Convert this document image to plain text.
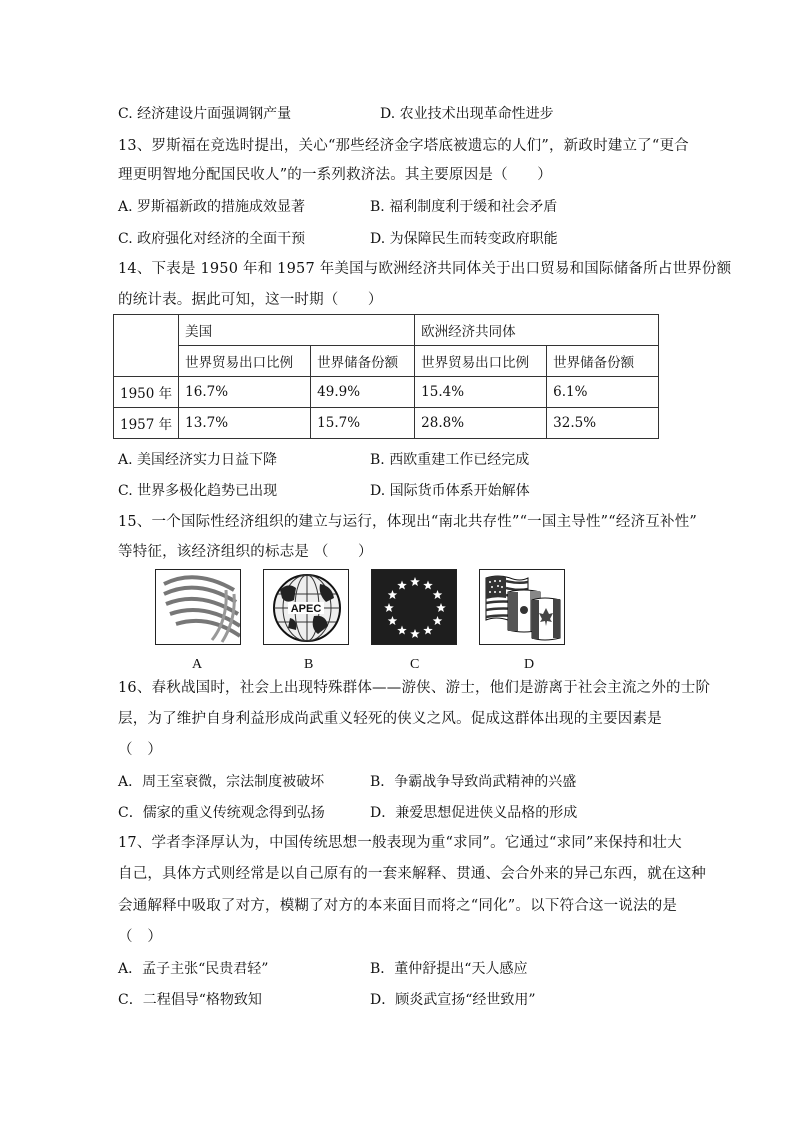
C. 经济建设片面强调钢产量	D. 农业技术出现革命性进步
13、罗斯福在竞选时提出，关心“那些经济金字塔底被遗忘的人们”，新政时建立了“更合
理更明智地分配国民收人”的一系列救济法。其主要原因是（　　）
A. 罗斯福新政的措施成效显著	B. 福利制度利于缓和社会矛盾
C. 政府强化对经济的全面干预	D. 为保障民生而转变政府职能
14、下表是 1950 年和 1957 年美国与欧洲经济共同体关于出口贸易和国际储备所占世界份额
的统计表。据此可知，这一时期（　　）
	美国		欧洲经济共同体	
	世界贸易出口比例	世界储备份额	世界贸易出口比例	世界储备份额
1950 年	16.7%	49.9%	15.4%	6.1%
1957 年	13.7%	15.7%	28.8%	32.5%
A. 美国经济实力日益下降	B. 西欧重建工作已经完成
C. 世界多极化趋势已出现	D. 国际货币体系开始解体
15、一个国际性经济组织的建立与运行，体现出“南北共存性”“一国主导性”“经济互补性”
等特征，该经济组织的标志是 （　　）
APEC
A	B	C	D
16、春秋战国时，社会上出现特殊群体——游侠、游士，他们是游离于社会主流之外的士阶
层，为了维护自身利益形成尚武重义轻死的侠义之风。促成这群体出现的主要因素是
（　）
A．周王室衰微，宗法制度被破坏	B．争霸战争导致尚武精神的兴盛
C．儒家的重义传统观念得到弘扬	D．兼爱思想促进侠义品格的形成
17、学者李泽厚认为，中国传统思想一般表现为重“求同”。它通过“求同”来保持和壮大
自己，具体方式则经常是以自己原有的一套来解释、贯通、会合外来的异己东西，就在这种
会通解释中吸取了对方，模糊了对方的本来面目而将之“同化”。以下符合这一说法的是
（　）
A．孟子主张“民贵君轻”	B．董仲舒提出“天人感应
C．二程倡导“格物致知	D．顾炎武宣扬“经世致用”
